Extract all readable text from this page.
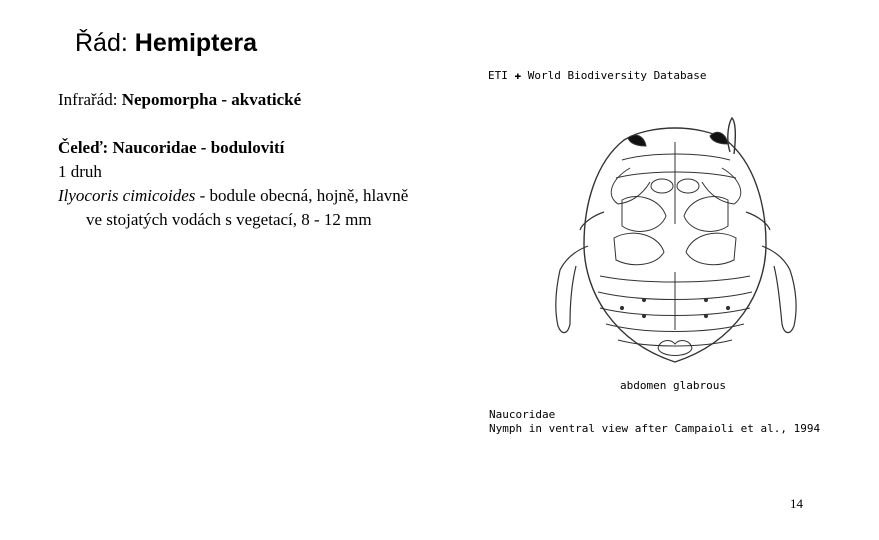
Řád: Hemiptera

Infrařád: Nepomorpha - akvatické

Čeleď: Naucoridae - bodulovití

1 druh

Ilyocoris cimicoides - bodule obecná, hojně, hlavně

ve stojatých vodách s vegetací, 8 - 12 mm

ETI ✚ World Biodiversity Database
abdomen glabrous
Naucoridae
Nymph in ventral view after Campaioli et al., 1994
14
